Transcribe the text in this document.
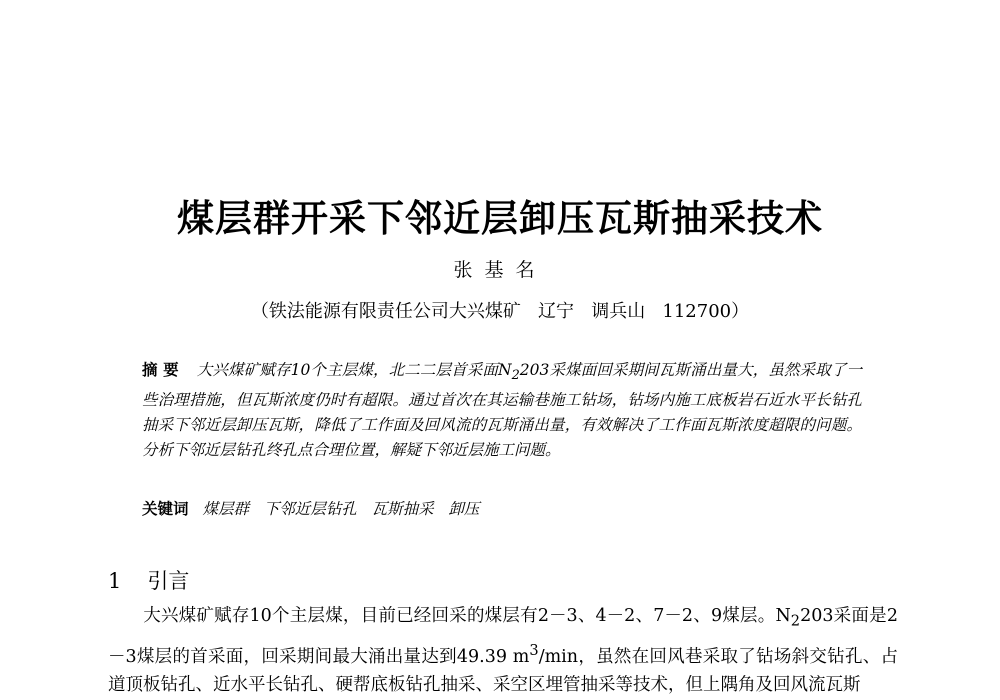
煤层群开采下邻近层卸压瓦斯抽采技术
张基名
（铁法能源有限责任公司大兴煤矿   辽宁   调兵山   112700）
摘 要 大兴煤矿赋存10个主层煤，北二二层首采面$N_2203$采煤面回采期间瓦斯涌出量大，虽然采取了一些治理措施，但瓦斯浓度仍时有超限。通过首次在其运输巷施工钻场，钻场内施工底板岩石近水平长钻孔抽采下邻近层卸压瓦斯，降低了工作面及回风流的瓦斯涌出量，有效解决了工作面瓦斯浓度超限的问题。分析下邻近层钻孔终孔点合理位置，解疑下邻近层施工问题。
关键词 煤层群   下邻近层钻孔   瓦斯抽采   卸压
1 引言
大兴煤矿赋存10个主层煤，目前已经回采的煤层有2－3、4－2、7－2、9煤层。$N_2203$采面是2－3煤层的首采面，回采期间最大涌出量达到49.39 $m^3/\min$，虽然在回风巷采取了钻场斜交钻孔、占道顶板钻孔、近水平长钻孔、硬帮底板钻孔抽采、采空区埋管抽采等技术，但上隅角及回风流瓦斯
